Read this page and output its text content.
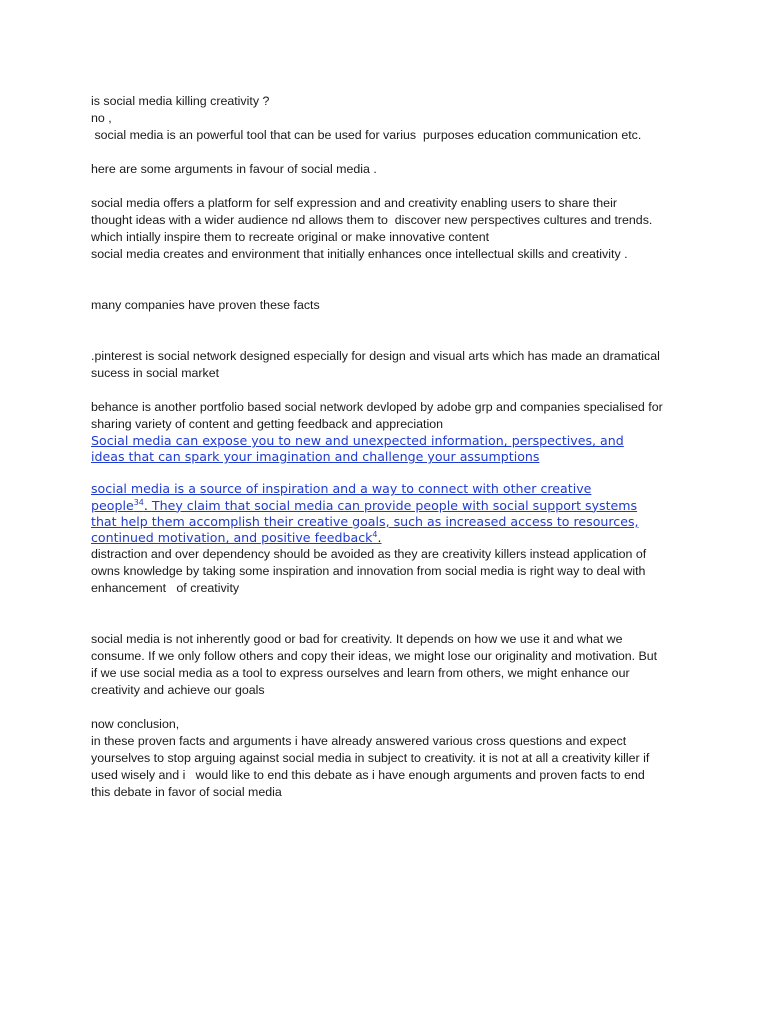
is social media killing creativity ?

no ,

social media is an powerful tool that can be used for varius  purposes education communication etc.

here are some arguments in favour of social media .

social media offers a platform for self expression and and creativity enabling users to share their

thought ideas with a wider audience nd allows them to  discover new perspectives cultures and trends.

which intially inspire them to recreate original or make innovative content

social media creates and environment that initially enhances once intellectual skills and creativity .

many companies have proven these facts

.pinterest is social network designed especially for design and visual arts which has made an dramatical

sucess in social market

behance is another portfolio based social network devloped by adobe grp and companies specialised for

sharing variety of content and getting feedback and appreciation

Social media can expose you to new and unexpected information, perspectives, and
ideas that can spark your imagination and challenge your assumptions
social media is a source of inspiration and a way to connect with other creative
people$^{34}$. They claim that social media can provide people with social support systems
that help them accomplish their creative goals, such as increased access to resources,
continued motivation, and positive feedback$^4$.

distraction and over dependency should be avoided as they are creativity killers instead application of

owns knowledge by taking some inspiration and innovation from social media is right way to deal with

enhancement   of creativity

social media is not inherently good or bad for creativity. It depends on how we use it and what we

consume. If we only follow others and copy their ideas, we might lose our originality and motivation. But

if we use social media as a tool to express ourselves and learn from others, we might enhance our

creativity and achieve our goals

now conclusion,

in these proven facts and arguments i have already answered various cross questions and expect

yourselves to stop arguing against social media in subject to creativity. it is not at all a creativity killer if

used wisely and i   would like to end this debate as i have enough arguments and proven facts to end

this debate in favor of social media
